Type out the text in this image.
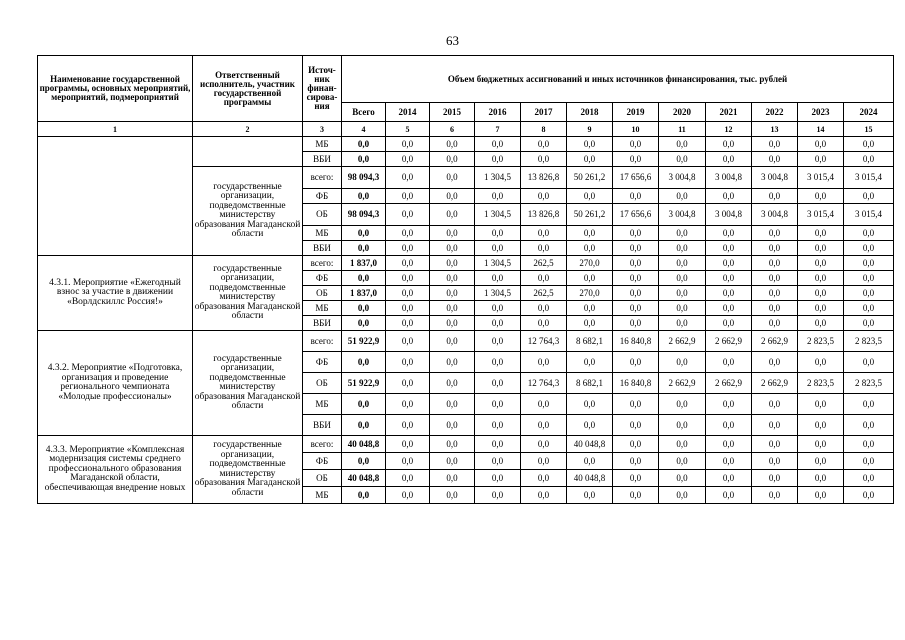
63
Наименование государственной программы, основных мероприятий, мероприятий, подмероприятий	Ответственный исполнитель, участник государственной программы	Источ-ник финан-сирова-ния	Объем бюджетных ассигнований и иных источников финансирования, тыс. рублей											
			Всего	2014	2015	2016	2017	2018	2019	2020	2021	2022	2023	2024
1	2	3	4	5	6	7	8	9	10	11	12	13	14	15
		МБ	0,0	0,0	0,0	0,0	0,0	0,0	0,0	0,0	0,0	0,0	0,0	0,0
		ВБИ	0,0	0,0	0,0	0,0	0,0	0,0	0,0	0,0	0,0	0,0	0,0	0,0
	государственные организации, подведомственные министерству образования Магаданской области	всего:	98 094,3	0,0	0,0	1 304,5	13 826,8	50 261,2	17 656,6	3 004,8	3 004,8	3 004,8	3 015,4	3 015,4
		ФБ	0,0	0,0	0,0	0,0	0,0	0,0	0,0	0,0	0,0	0,0	0,0	0,0
		ОБ	98 094,3	0,0	0,0	1 304,5	13 826,8	50 261,2	17 656,6	3 004,8	3 004,8	3 004,8	3 015,4	3 015,4
		МБ	0,0	0,0	0,0	0,0	0,0	0,0	0,0	0,0	0,0	0,0	0,0	0,0
		ВБИ	0,0	0,0	0,0	0,0	0,0	0,0	0,0	0,0	0,0	0,0	0,0	0,0
4.3.1. Мероприятие «Ежегодный взнос за участие в движении «Ворлдскиллс Россия!»	государственные организации, подведомственные министерству образования Магаданской области	всего:	1 837,0	0,0	0,0	1 304,5	262,5	270,0	0,0	0,0	0,0	0,0	0,0	0,0
		ФБ	0,0	0,0	0,0	0,0	0,0	0,0	0,0	0,0	0,0	0,0	0,0	0,0
		ОБ	1 837,0	0,0	0,0	1 304,5	262,5	270,0	0,0	0,0	0,0	0,0	0,0	0,0
		МБ	0,0	0,0	0,0	0,0	0,0	0,0	0,0	0,0	0,0	0,0	0,0	0,0
		ВБИ	0,0	0,0	0,0	0,0	0,0	0,0	0,0	0,0	0,0	0,0	0,0	0,0
4.3.2. Мероприятие «Подготовка, организация и проведение регионального чемпионата «Молодые профессионалы»	государственные организации, подведомственные министерству образования Магаданской области	всего:	51 922,9	0,0	0,0	0,0	12 764,3	8 682,1	16 840,8	2 662,9	2 662,9	2 662,9	2 823,5	2 823,5
		ФБ	0,0	0,0	0,0	0,0	0,0	0,0	0,0	0,0	0,0	0,0	0,0	0,0
		ОБ	51 922,9	0,0	0,0	0,0	12 764,3	8 682,1	16 840,8	2 662,9	2 662,9	2 662,9	2 823,5	2 823,5
		МБ	0,0	0,0	0,0	0,0	0,0	0,0	0,0	0,0	0,0	0,0	0,0	0,0
		ВБИ	0,0	0,0	0,0	0,0	0,0	0,0	0,0	0,0	0,0	0,0	0,0	0,0
4.3.3. Мероприятие «Комплексная модернизация системы среднего профессионального образования Магаданской области, обеспечивающая внедрение новых	государственные организации, подведомственные министерству образования Магаданской области	всего:	40 048,8	0,0	0,0	0,0	0,0	40 048,8	0,0	0,0	0,0	0,0	0,0	0,0
		ФБ	0,0	0,0	0,0	0,0	0,0	0,0	0,0	0,0	0,0	0,0	0,0	0,0
		ОБ	40 048,8	0,0	0,0	0,0	0,0	40 048,8	0,0	0,0	0,0	0,0	0,0	0,0
		МБ	0,0	0,0	0,0	0,0	0,0	0,0	0,0	0,0	0,0	0,0	0,0	0,0
